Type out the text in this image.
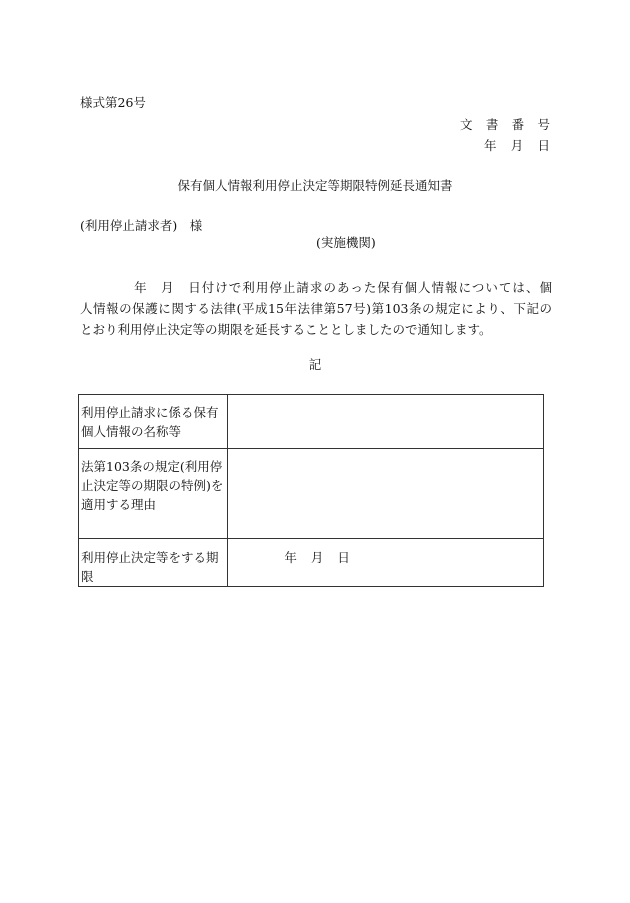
様式第26号
文 書 番 号
年 月 日
保有個人情報利用停止決定等期限特例延長通知書
(利用停止請求者)　様
(実施機関)
　　　　年　月　日付けで利用停止請求のあった保有個人情報については、個
人情報の保護に関する法律(平成15年法律第57号)第103条の規定により、下記の
とおり利用停止決定等の期限を延長することとしましたので通知します。
記
利用停止請求に係る保有個人情報の名称等	
法第103条の規定(利用停止決定等の期限の特例)を適用する理由	
利用停止決定等をする期限	年 月 日
